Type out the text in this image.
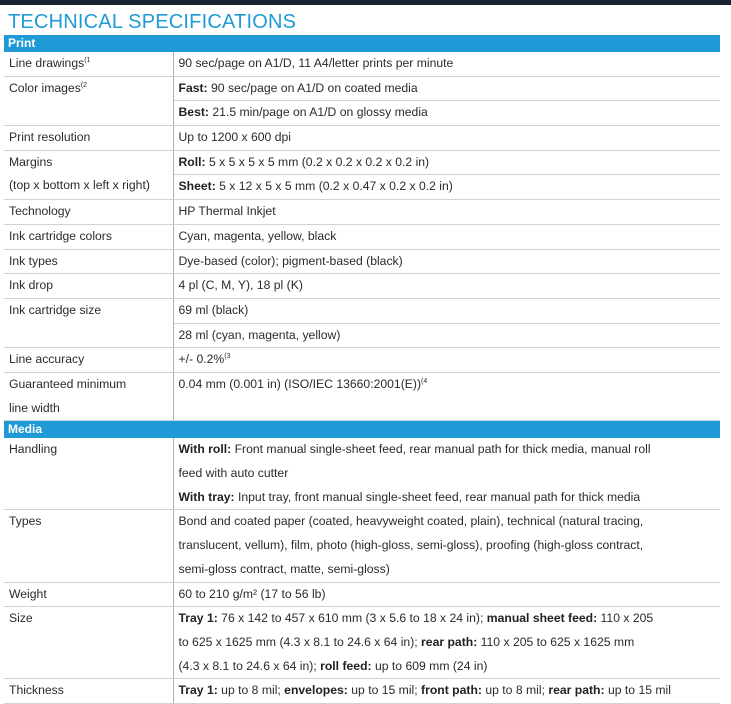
TECHNICAL SPECIFICATIONS
Print	
Line drawings$^{(1}$	90 sec/page on A1/D, 11 A4/letter prints per minute
Color images$^{(2}$	Fast: 90 sec/page on A1/D on coated media
Best: 21.5 min/page on A1/D on glossy media

Print resolution	Up to 1200 x 600 dpi

Margins
(top x bottom x left x right)	Roll: 5 x 5 x 5 x 5 mm (0.2 x 0.2 x 0.2 x 0.2 in)
Sheet: 5 x 12 x 5 x 5 mm (0.2 x 0.47 x 0.2 x 0.2 in)

Technology	HP Thermal Inkjet
Ink cartridge colors	Cyan, magenta, yellow, black
Ink types	Dye-based (color); pigment-based (black)
Ink drop	4 pl (C, M, Y), 18 pl (K)
Ink cartridge size	69 ml (black)
28 ml (cyan, magenta, yellow)

Line accuracy	+/- 0.2%$^{(3}$

Guaranteed minimum
line width	0.04 mm (0.001 in) (ISO/IEC 13660:2001(E))$^{(4}$
Media	
Handling	With roll: Front manual single-sheet feed, rear manual path for thick media, manual roll
feed with auto cutter
With tray: Input tray, front manual single-sheet feed, rear manual path for thick media

Types	Bond and coated paper (coated, heavyweight coated, plain), technical (natural tracing,
translucent, vellum), film, photo (high-gloss, semi-gloss), proofing (high-gloss contract,
semi-gloss contract, matte, semi-gloss)

Weight	60 to 210 g/m² (17 to 56 lb)
Size	Tray 1: 76 x 142 to 457 x 610 mm (3 x 5.6 to 18 x 24 in); manual sheet feed: 110 x 205
to 625 x 1625 mm (4.3 x 8.1 to 24.6 x 64 in); rear path: 110 x 205 to 625 x 1625 mm
(4.3 x 8.1 to 24.6 x 64 in); roll feed: up to 609 mm (24 in)

Thickness	Tray 1: up to 8 mil; envelopes: up to 15 mil; front path: up to 8 mil; rear path: up to 15 mil
